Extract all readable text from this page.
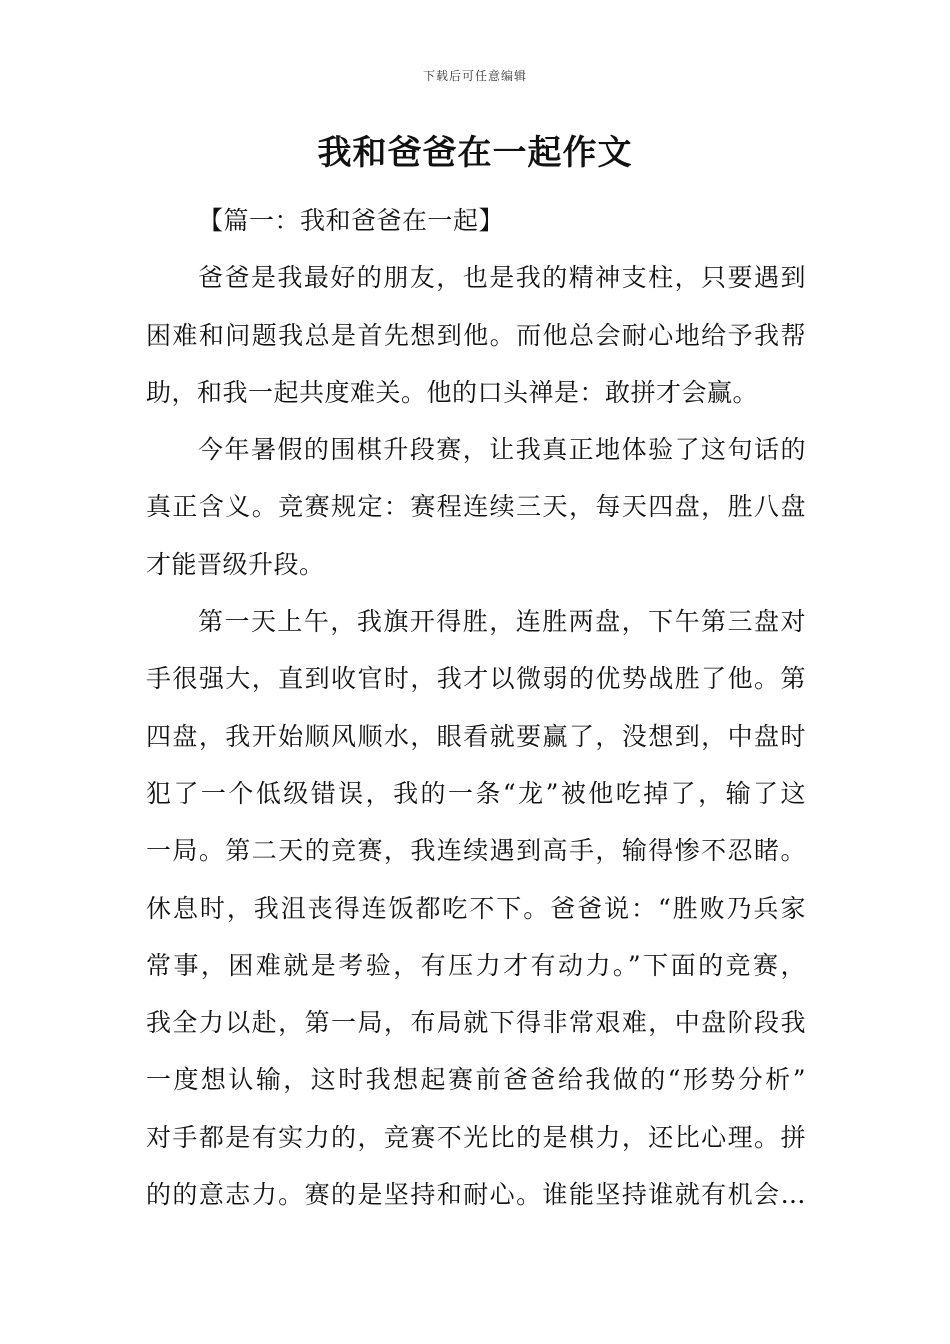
下载后可任意编辑
我和爸爸在一起作文
【篇一：我和爸爸在一起】
爸爸是我最好的朋友，也是我的精神支柱，只要遇到
困难和问题我总是首先想到他。而他总会耐心地给予我帮
助，和我一起共度难关。他的口头禅是：敢拼才会赢。
今年暑假的围棋升段赛，让我真正地体验了这句话的
真正含义。竞赛规定：赛程连续三天，每天四盘，胜八盘
才能晋级升段。
第一天上午，我旗开得胜，连胜两盘，下午第三盘对
手很强大，直到收官时，我才以微弱的优势战胜了他。第
四盘，我开始顺风顺水，眼看就要赢了，没想到，中盘时
犯了一个低级错误，我的一条“龙”被他吃掉了，输了这
一局。第二天的竞赛，我连续遇到高手，输得惨不忍睹。
休息时，我沮丧得连饭都吃不下。爸爸说：“胜败乃兵家
常事，困难就是考验，有压力才有动力。”下面的竞赛，
我全力以赴，第一局，布局就下得非常艰难，中盘阶段我
一度想认输，这时我想起赛前爸爸给我做的“形势分析”
对手都是有实力的，竞赛不光比的是棋力，还比心理。拼
的的意志力。赛的是坚持和耐心。谁能坚持谁就有机会…
